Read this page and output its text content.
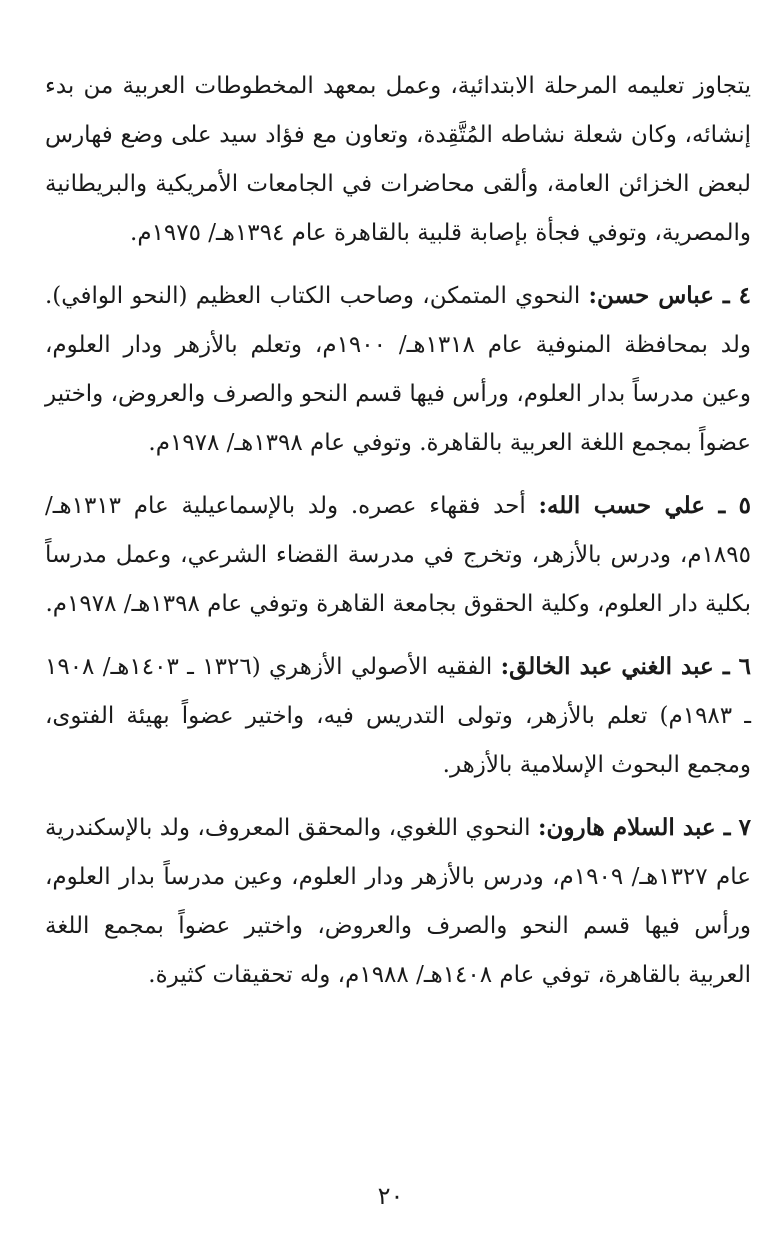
يتجاوز تعليمه المرحلة الابتدائية، وعمل بمعهد المخطوطات العربية من بدء إنشائه، وكان شعلة نشاطه المُتَّقِدة، وتعاون مع فؤاد سيد على وضع فهارس لبعض الخزائن العامة، وألقى محاضرات في الجامعات الأمريكية والبريطانية والمصرية، وتوفي فجأة بإصابة قلبية بالقاهرة عام ١٣٩٤هـ/ ١٩٧٥م.

٤ ـ عباس حسن: النحوي المتمكن، وصاحب الكتاب العظيم (النحو الوافي). ولد بمحافظة المنوفية عام ١٣١٨هـ/ ١٩٠٠م، وتعلم بالأزهر ودار العلوم، وعين مدرساً بدار العلوم، ورأس فيها قسم النحو والصرف والعروض، واختير عضواً بمجمع اللغة العربية بالقاهرة. وتوفي عام ١٣٩٨هـ/ ١٩٧٨م.

٥ ـ علي حسب الله: أحد فقهاء عصره. ولد بالإسماعيلية عام ١٣١٣هـ/ ١٨٩٥م، ودرس بالأزهر، وتخرج في مدرسة القضاء الشرعي، وعمل مدرساً بكلية دار العلوم، وكلية الحقوق بجامعة القاهرة وتوفي عام ١٣٩٨هـ/ ١٩٧٨م.

٦ ـ عبد الغني عبد الخالق: الفقيه الأصولي الأزهري (١٣٢٦ ـ ١٤٠٣هـ/ ١٩٠٨ ـ ١٩٨٣م) تعلم بالأزهر، وتولى التدريس فيه، واختير عضواً بهيئة الفتوى، ومجمع البحوث الإسلامية بالأزهر.

٧ ـ عبد السلام هارون: النحوي اللغوي، والمحقق المعروف، ولد بالإسكندرية عام ١٣٢٧هـ/ ١٩٠٩م، ودرس بالأزهر ودار العلوم، وعين مدرساً بدار العلوم، ورأس فيها قسم النحو والصرف والعروض، واختير عضواً بمجمع اللغة العربية بالقاهرة، توفي عام ١٤٠٨هـ/ ١٩٨٨م، وله تحقيقات كثيرة.

٢٠
